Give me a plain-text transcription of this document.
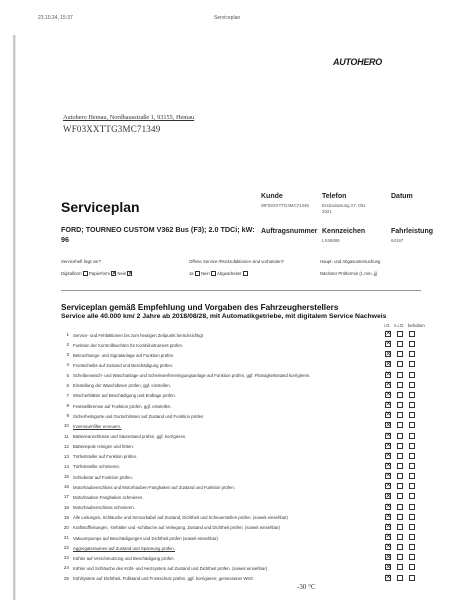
23.10.24, 15:37	Serviceplan
AUTOHERO
Autohero Hemau, Nordhausstraße 1, 93155, Hemau
WF03XXTTG3MC71349
Serviceplan
Kunde
WF03XXTTG3MC71349
Telefon
Erstzulassung 27. Okt. 2021
Datum
FORD; TOURNEO CUSTOM V362 Bus (F3); 2.0 TDCi; kW: 96
Auftragsnummer Kennzeichen
LX46889
Fahrleistung
64197
Serviceheft liegt vor?
Digitalform Papierform ✕ Nein ✕
Offene Service-/Rückrufaktionen sind vorhanden?
Ja Nein Abgearbeitet
Haupt- und Abgasuntersuchung
Nächster Prüftermin (t..mm..jj)
Serviceplan gemäß Empfehlung und Vorgaben des Fahrzeugherstellers
Service alle 40.000 km/ 2 Jahre ab 2018/08/28, mit Automatikgetriebe, mit digitalem Service Nachweis
i.O. n.i.O. behoben
1 Service- und Fehlaktionen bis zum heutigen Zeitpunkt berücksichtigt
✕
2 Funktion der Kontrollleuchten für Kombiinstrument prüfen.
✕
3 Beleuchtungs- und Signalanlage auf Funktion prüfen.
✕
4 Frontscheibe auf Zustand und Beschädigung prüfen.
✕
5 Scheibenwisch- und Waschanlage und Scheinwerferreinigungsanlage auf Funktion prüfen, ggf. Flüssigkeitsstand korrigieren.
✕
6 Einstellung der Waschdüsen prüfen, ggf. einstellen.
✕
7 Wischerblätter auf Beschädigung und Endlage prüfen.
✕
8 Feststellbremse auf Funktion prüfen, ggf. einstellen.
✕
9 Sicherheitsgurte und Gurtschlösser auf Zustand und Funktion prüfen
✕
10 Innenraumfilter erneuern.
✕
11 Batterieanschlüsse und Säurestand prüfen, ggf. korrigieren.
✕
12 Batteriepole reinigen und fetten.
✕
13 Türfeststeller auf Funktion prüfen.
✕
14 Türfeststeller schmieren.
✕
15 Schiebetür auf Funktion prüfen.
✕
16 Motorhaubenschloss und Motorhauben-Fanghaken auf Zustand und Funktion prüfen.
✕
17 Motorhauben-Fanghaken schmieren.
✕
18 Motorhaubenschloss schmieren.
✕
19 Alle Leitungen, Schläuche und Sensorkabel auf Zustand, Dichtheit und Scheuerstellen prüfen. (soweit einsehbar)
✕
20 Kraftstoffleitungen, -behälter und -schläuche auf Verlegung, Zustand und Dichtheit prüfen. (soweit einsehbar)
✕
21 Vakuumpumpe auf Beschädigungen und Dichtheit prüfen (soweit einsehbar)
✕
22 Aggregateraumen auf Zustand und Spannung prüfen.
✕
23 Kühler auf Verschmutzung und Beschädigung prüfen.
✕
24 Kühler und Schläuche des Kühl- und Heizsystem auf Zustand und Dichtheit prüfen. (soweit einsehbar)
✕
25 Kühlsystem auf Dichtheit, Füllstand und Frostschutz prüfen, ggf. korrigieren; gemessener Wert:
✕
-30 °C
